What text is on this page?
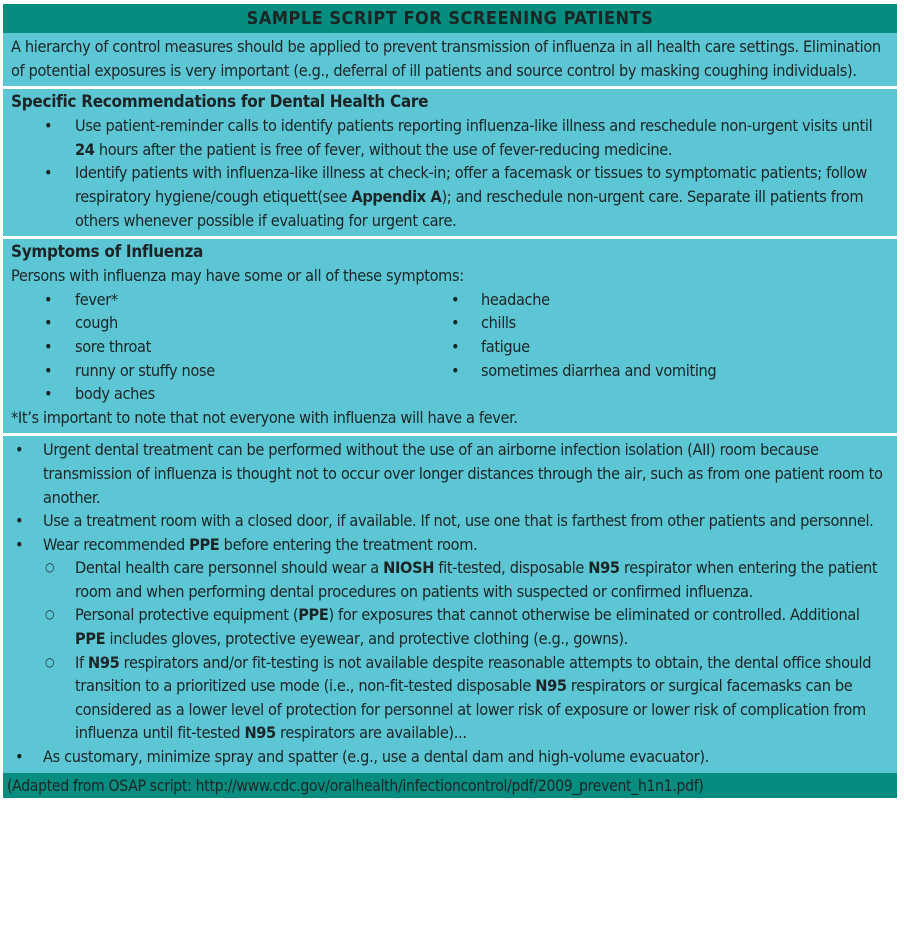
SAMPLE SCRIPT FOR SCREENING PATIENTS
A hierarchy of control measures should be applied to prevent transmission of influenza in all health care settings. Elimination of potential exposures is very important (e.g., deferral of ill patients and source control by masking coughing individuals).
Specific Recommendations for Dental Health Care
• Use patient-reminder calls to identify patients reporting influenza-like illness and reschedule non-urgent visits until 24 hours after the patient is free of fever, without the use of fever-reducing medicine.
• Identify patients with influenza-like illness at check-in; offer a facemask or tissues to symptomatic patients; follow respiratory hygiene/cough etiquett(see Appendix A); and reschedule non-urgent care. Separate ill patients from others whenever possible if evaluating for urgent care.
Symptoms of Influenza
Persons with influenza may have some or all of these symptoms:
• fever*
• cough
• sore throat
• runny or stuffy nose
• body aches
• headache
• chills
• fatigue
• sometimes diarrhea and vomiting
*It’s important to note that not everyone with influenza will have a fever.
• Urgent dental treatment can be performed without the use of an airborne infection isolation (AII) room because transmission of influenza is thought not to occur over longer distances through the air, such as from one patient room to another.
• Use a treatment room with a closed door, if available. If not, use one that is farthest from other patients and personnel.
• Wear recommended PPE before entering the treatment room.
○ Dental health care personnel should wear a NIOSH fit-tested, disposable N95 respirator when entering the patient room and when performing dental procedures on patients with suspected or confirmed influenza.
○ Personal protective equipment (PPE) for exposures that cannot otherwise be eliminated or controlled. Additional PPE includes gloves, protective eyewear, and protective clothing (e.g., gowns).
○ If N95 respirators and/or fit-testing is not available despite reasonable attempts to obtain, the dental office should transition to a prioritized use mode (i.e., non-fit-tested disposable N95 respirators or surgical facemasks can be considered as a lower level of protection for personnel at lower risk of exposure or lower risk of complication from influenza until fit-tested N95 respirators are available)...
• As customary, minimize spray and spatter (e.g., use a dental dam and high-volume evacuator).
(Adapted from OSAP script: http://www.cdc.gov/oralhealth/infectioncontrol/pdf/2009_prevent_h1n1.pdf)
